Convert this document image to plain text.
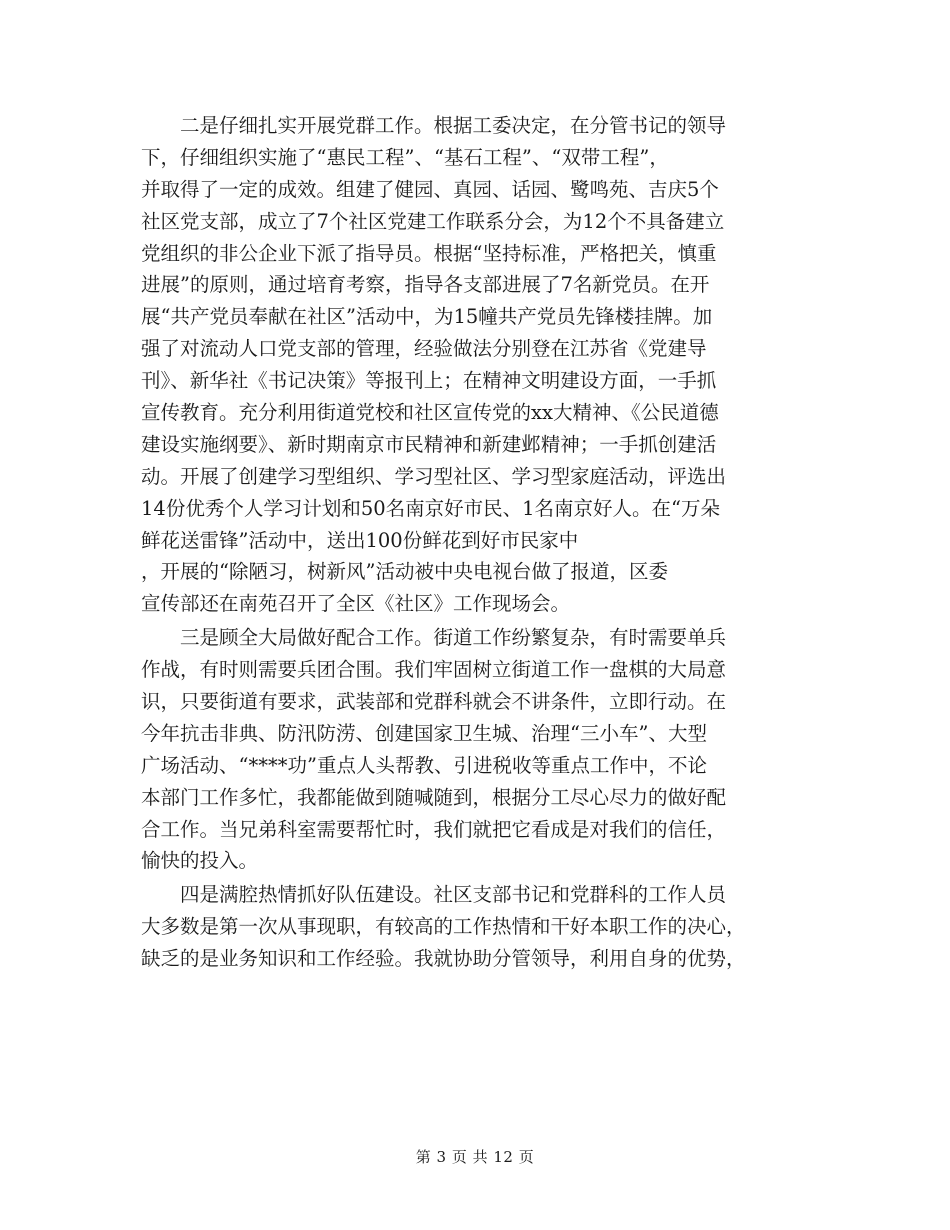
　　二是仔细扎实开展党群工作。根据工委决定，在分管书记的领导
下，仔细组织实施了“惠民工程”、“基石工程”、“双带工程”，
并取得了一定的成效。组建了健园、真园、话园、鹭鸣苑、吉庆5个
社区党支部，成立了7个社区党建工作联系分会，为12个不具备建立
党组织的非公企业下派了指导员。根据“坚持标准，严格把关，慎重
进展”的原则，通过培育考察，指导各支部进展了7名新党员。在开
展“共产党员奉献在社区”活动中，为15幢共产党员先锋楼挂牌。加
强了对流动人口党支部的管理，经验做法分别登在江苏省《党建导
刊》、新华社《书记决策》等报刊上；在精神文明建设方面，一手抓
宣传教育。充分利用街道党校和社区宣传党的xx大精神、《公民道德
建设实施纲要》、新时期南京市民精神和新建邺精神；一手抓创建活
动。开展了创建学习型组织、学习型社区、学习型家庭活动，评选出
14份优秀个人学习计划和50名南京好市民、1名南京好人。在“万朵
鲜花送雷锋”活动中，送出100份鲜花到好市民家中
，开展的“除陋习，树新风”活动被中央电视台做了报道，区委
宣传部还在南苑召开了全区《社区》工作现场会。
　　三是顾全大局做好配合工作。街道工作纷繁复杂，有时需要单兵
作战，有时则需要兵团合围。我们牢固树立街道工作一盘棋的大局意
识，只要街道有要求，武装部和党群科就会不讲条件，立即行动。在
今年抗击非典、防汛防涝、创建国家卫生城、治理“三小车”、大型
广场活动、“****功”重点人头帮教、引进税收等重点工作中，不论
本部门工作多忙，我都能做到随喊随到，根据分工尽心尽力的做好配
合工作。当兄弟科室需要帮忙时，我们就把它看成是对我们的信任，
愉快的投入。
　　四是满腔热情抓好队伍建设。社区支部书记和党群科的工作人员
大多数是第一次从事现职，有较高的工作热情和干好本职工作的决心，
缺乏的是业务知识和工作经验。我就协助分管领导，利用自身的优势，
第 3 页 共 12 页
